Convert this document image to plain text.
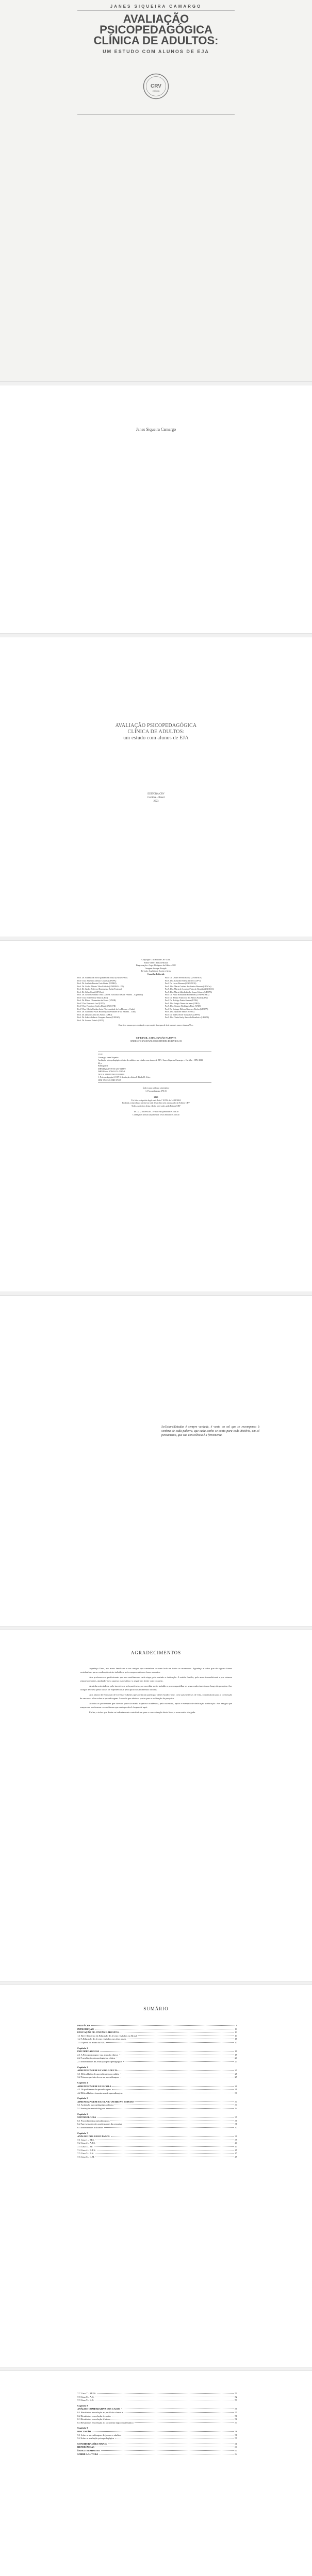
JANES SIQUEIRA CAMARGO
AVALIAÇÃO
PSICOPEDAGÓGICA
CLÍNICA DE ADULTOS:
UM ESTUDO COM ALUNOS DE EJA
CRV
editora
Janes Siqueira Camargo
AVALIAÇÃO PSICOPEDAGÓGICA
CLÍNICA DE ADULTOS:
um estudo com alunos de EJA
EDITORA CRV
Curitiba – Brasil
2023
Copyright © da Editora CRV Ltda.
Editor-chefe: Railson Moura
Diagramação e Capa: Designers da Editora CRV
Imagem de capa: Freepik
Revisão: Analista de Escrita e Artes
Conselho Editorial:
Prof. Dr. Andréia da Silva Quintanilha Sousa (UNIR/UFRN)
Profª. Dra. Anselmo Alencar Colares (UFOPA)
Prof. Dr. Antônio Pereira Gaio Júnior (UFRRJ)
Prof. Dr. Carlos Alberto Vilar Estêvão (UMINHO – PT)
Prof. Dr. Carlos Federico Dominguez Avila (Unieuro)
Prof. Dr. Celso Conti (UFSCar)
Prof. Dr. Cesar Gerónimo Tello (Univer. Nacional Três de Febrero – Argentina)
Profª. Dra. Eliane Rose Maio (UEM)
Prof. Dr. Elizeu Clementino de Souza (UNEB)
Profª. Dra. Fernanda Leal (UFU)
Profª. Dra. Francisco Carlos Duarte (PUC-PR)
Profª. Dra. Gloria Fariñas León (Universidade de La Havana – Cuba)
Prof. Dr. Guillermo Arias Beatón (Universidade de La Havana – Cuba)
Prof. Dr. Jailson Alves dos Santos (UFRJ)
Prof. Dr. João Adalberto Campato Junior (UNESP)
Prof. Dr. Josania Portela (UFPI)
Prof. Dr. Leonel Severo Rocha (UNISINOS)
Profª. Dra. Lourdes Helena da Silva (UFV)
Prof. Dr. Lucas Boemer (UNISINOS)
Profª. Dra. Maria Cristina dos Santos Bezerra (UFSCar)
Profª. Dra. Maria de Lourdes Pinto de Almeida (UNOESC)
Profª. Dra. Maria Lília Imbiriba Sousa Colares (UFOPA)
Prof. Dr. Paulo Romualdo Hernandes (UNIFAL-MG)
Prof. Dr. Renato Francisco dos Santos Paula (UFG)
Prof. Dr. Rodrigo Pratte-Santos (UFES)
Profª. Dra. Sérgio Nunes de Jesus (IFRO)
Profª. Dra. Simone Rodrigues Pinto (UNB)
Prof. Dr. Solange Helena Ximenes-Rocha (UFOPA)
Profª. Dra. Sydione Santos (UEPG)
Prof. Dr. Tadeu Oliver Gonçalves (UFPA)
Profª. Dra. Tania Suely Azevedo Brasileiro (UFOPA)
Este livro passou por avaliação e aprovação às cegas de dois ou mais pareceristas ad hoc.
CIP-BRASIL. CATALOGAÇÃO NA FONTE
SINDICATO NACIONAL DOS EDITORES DE LIVROS, RJ
C182
Camargo, Janes Siqueira
Avaliação psicopedagógica clínica de adultos: um estudo com alunos de EJA / Janes Siqueira Camargo. – Curitiba : CRV, 2023.
62 p.
Bibliografia
ISBN Digital 978-65-251-5188-9
ISBN Físico 978-65-251-5185-8
DOI 10.24824/978652515185.8
1. Psicopedagogia 2. EJA 3. Avaliação clínica I. Título II. Série.
CDU 37.015.3 CDD 370.15
Índice para catálogo sistemático
1. Psicopedagogia 370.15
2023
Foi feito o depósito legal conf. Lei nº 10.994 de 14/12/2004
Proibida a reprodução parcial ou total desta obra sem autorização da Editora CRV
Todos os direitos desta edição reservados pela Editora CRV
Tel.: (41) 3029-6416 – E-mail: sac@editoracrv.com.br
Conheça os nossos lançamentos: www.editoracrv.com.br
Se/Estaré/Estudas é sempre verdade, é vento ao sol que se recompensa à sombra de cada palavra, que cada sonho se conta para cada história, um só pensamento, que sua consciência é a ferramenta.
AGRADECIMENTOS

Agradeço Deus, aos meus familiares e aos amigos que caminham ao meu lado em todos os momentos. Agradeço a todos que de alguma forma contribuíram para a realização deste trabalho e pela compreensão nas horas ausentes.

Aos professores e profissionais que nos auxiliam em cada etapa, pelo carinho e dedicação. À minha família, pelo amor incondicional e por estarem sempre presentes, ajudando-me a superar os desafios e a seguir em frente com coragem.

À minha orientadora, pelo incentivo e pela paciência, por acreditar neste trabalho e por compartilhar os seus conhecimentos ao longo da pesquisa. Aos colegas de curso pelas trocas de experiências e pelo apoio nos momentos difíceis.

Aos alunos da Educação de Jovens e Adultos que aceitaram participar deste estudo e que, com suas histórias de vida, contribuíram para a construção de um novo olhar sobre a aprendizagem. À escola que abriu as portas para a realização da pesquisa.

A todos os professores que fizeram parte da minha trajetória acadêmica, pelo incentivo, apoio e exemplo de dedicação à educação. Aos amigos que sempre me motivaram e acreditaram que seria possível chegar até aqui.

Enfim, a todos que direta ou indiretamente contribuíram para a concretização deste livro, o meu muito obrigada.

SUMÁRIO
PREFÁCIO	9
INTRODUÇÃO	11
EDUCAÇÃO DE JOVENS E ADULTOS	13
1.1 Breve histórico da Educação de Jovens e Adultos no Brasil	13
1.2 A Educação de Jovens e Adultos nos dias atuais	15
1.3 O perfil do aluno da EJA	17
Capítulo 2
PSICOPEDAGOGIA	19
2.1 A Psicopedagogia e sua atuação clínica	19
2.2 A avaliação psicopedagógica clínica	21
2.3 Instrumentos da avaliação psicopedagógica	23
Capítulo 3
APRENDIZAGEM NA VIDA ADULTA	25
3.1 Dificuldades de aprendizagem no adulto	25
3.2 Fatores que interferem na aprendizagem	27
Capítulo 4
APRENDIZAGEM NA ESCOLA	29
4.1 Os problemas de aprendizagem	29
4.2 Dificuldades e transtornos de aprendizagem	31
Capítulo 5
APRENDIZAGEM ESCOLAR: UM BREVE ESTUDO	33
5.1 Avaliação psicopedagógica clínica	33
5.2 Instruções metodológicas	34
Capítulo 6
METODOLOGIA	35
6.1 Procedimentos metodológicos	35
6.2 Apresentação dos participantes da pesquisa	36
6.3 Instrumentos utilizados	37
Capítulo 7
ANÁLISE DOS RESULTADOS	39
7.1 Caso 1 – M.S.	39
7.2 Caso 2 – A.P.S.	41
7.3 Caso 3 – J.F.	43
7.4 Caso 4 – R.T.S.	45
7.5 Caso 5 – E.S.	47
7.6 Caso 6 – L.M.	49
7.7 Caso 7 – M.F.S.	51
7.8 Caso 8 – A.C.	52
7.9 Caso 9 – S.R.	53
Capítulo 8
ANÁLISE COMPARATIVA DOS CASOS	55
8.1 Resultados em relação ao perfil dos alunos	55
8.2 Resultados em relação à escrita	56
8.3 Resultados em relação à leitura	56
8.4 Resultados em relação ao raciocínio lógico-matemático	57
Capítulo 9
DISCUSSÃO	58
9.1 Sobre a aprendizagem de jovens e adultos	58
9.2 Sobre a avaliação psicopedagógica	59
CONSIDERAÇÕES FINAIS	60
REFERÊNCIAS	61
ÍNDICE REMISSIVO	63
SOBRE A AUTORA	64
